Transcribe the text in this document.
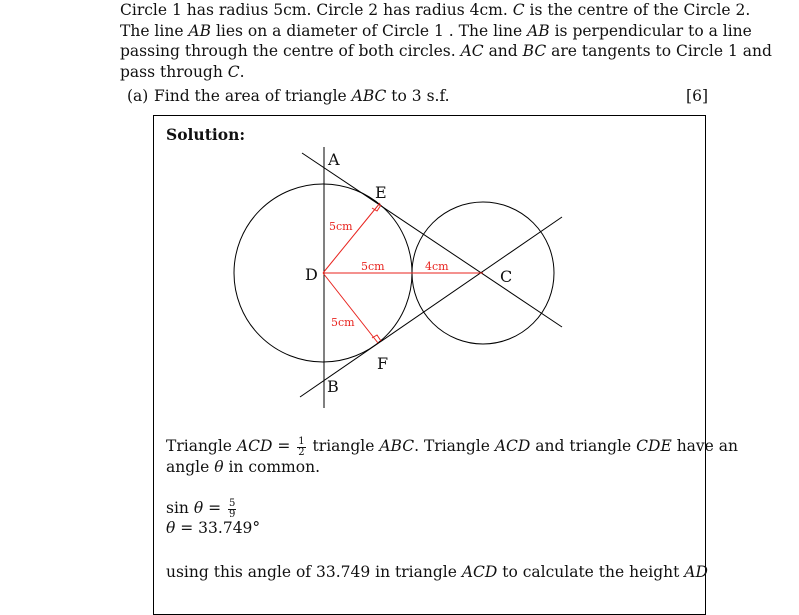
Circle 1 has radius 5cm. Circle 2 has radius 4cm. C is the centre of the Circle 2.
The line AB lies on a diameter of Circle 1 . The line AB is perpendicular to a line
passing through the centre of both circles. AC and BC are tangents to Circle 1 and
pass through C.
(a) Find the area of triangle ABC to 3 s.f.	[6]
Solution:
A
E
D	C
F
B
5cm
5cm	4cm
5cm
Triangle ACD = $\frac{1}{2}$ triangle ABC. Triangle ACD and triangle CDE have an
angle θ in common.
$\sin \theta = \frac{5}{9}$
θ = 33.749°
using this angle of 33.749 in triangle ACD to calculate the height AD
